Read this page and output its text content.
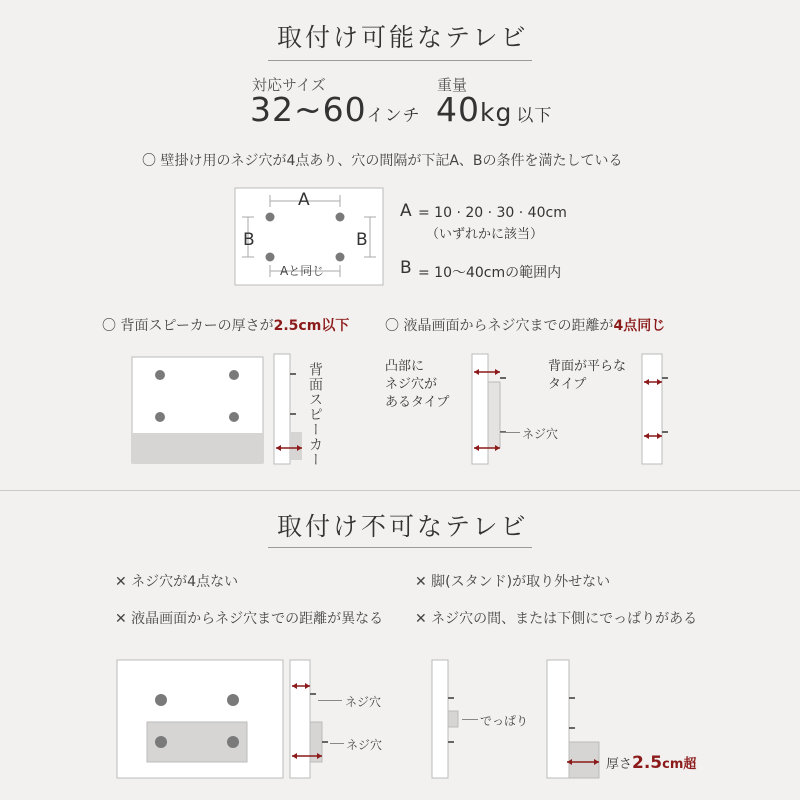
取付け可能なテレビ
対応サイズ
32~60インチ
重量
40kg 以下
〇 壁掛け用のネジ穴が4点あり、穴の間隔が下記A、Bの条件を満たしている
A
B	B
Aと同じ
A = 10 · 20 · 30 · 40cm
（いずれかに該当）
B = 10〜40cmの範囲内
〇 背面スピーカーの厚さが2.5cm以下	〇 液晶画面からネジ穴までの距離が4点同じ
背面スピーカー	凸部に
ネジ穴が
あるタイプ
ネジ穴
背面が平らな
タイプ
取付け不可なテレビ
✕ ネジ穴が4点ない	✕ 脚(スタンド)が取り外せない
✕ 液晶画面からネジ穴までの距離が異なる ✕ ネジ穴の間、または下側にでっぱりがある
ネジ穴
ネジ穴
でっぱり
厚さ2.5cm超
